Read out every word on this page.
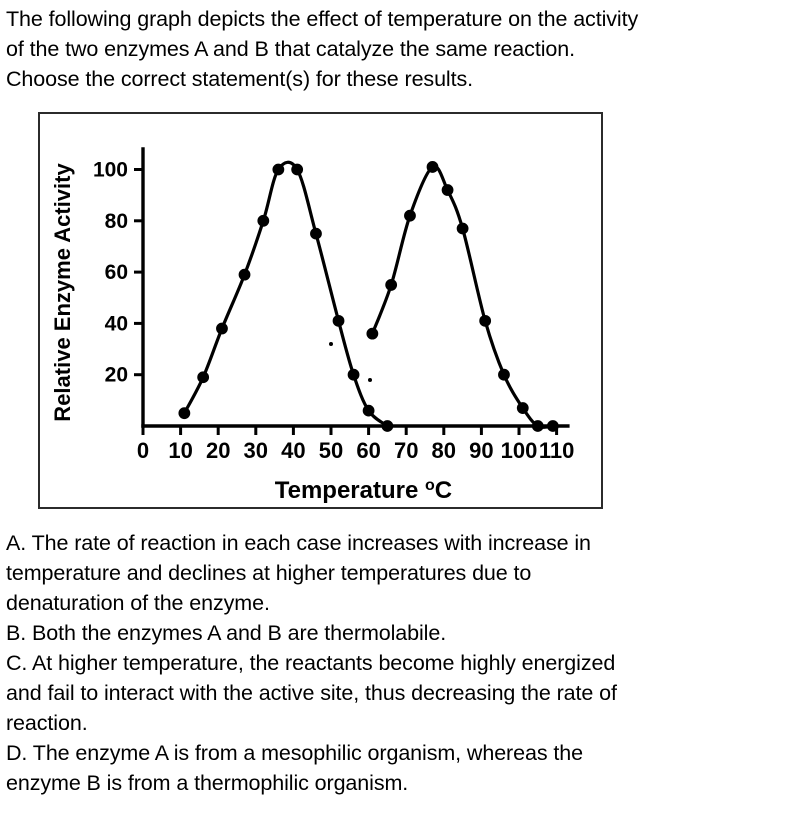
The following graph depicts the effect of temperature on the activity

of the two enzymes A and B that catalyze the same reaction.

Choose the correct statement(s) for these results.

20
40
60
80
100
0 10 20 30 40 50 60 70 80 90 100 110
Relative Enzyme Activity
Temperature $^o$C

A. The rate of reaction in each case increases with increase in

temperature and declines at higher temperatures due to

denaturation of the enzyme.

B. Both the enzymes A and B are thermolabile.

C. At higher temperature, the reactants become highly energized

and fail to interact with the active site, thus decreasing the rate of

reaction.

D. The enzyme A is from a mesophilic organism, whereas the

enzyme B is from a thermophilic organism.
